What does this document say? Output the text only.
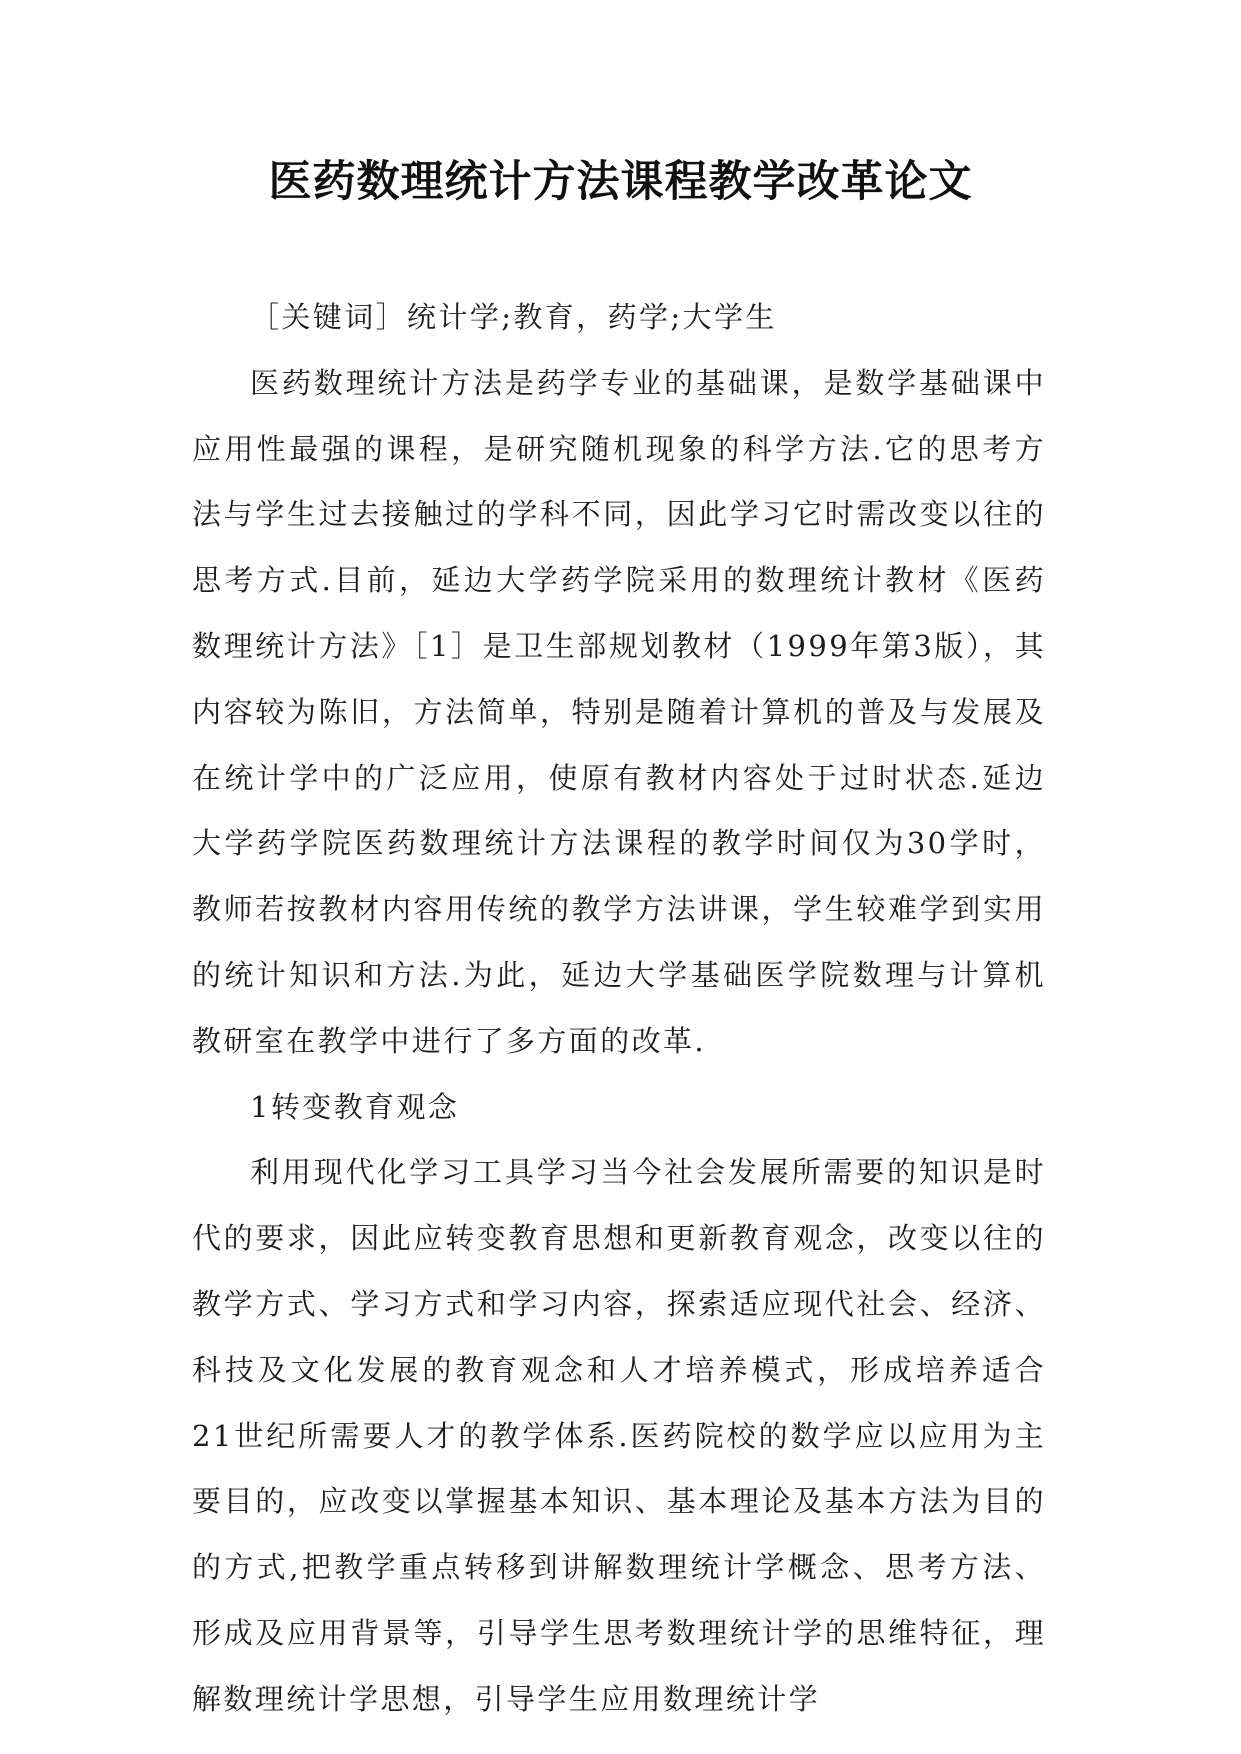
医药数理统计方法课程教学改革论文

［关键词］统计学;教育，药学;大学生

医药数理统计方法是药学专业的基础课，是数学基础课中应用性最强的课程，是研究随机现象的科学方法.它的思考方法与学生过去接触过的学科不同，因此学习它时需改变以往的思考方式.目前，延边大学药学院采用的数理统计教材《医药数理统计方法》［1］是卫生部规划教材（1999年第3版），其内容较为陈旧，方法简单，特别是随着计算机的普及与发展及在统计学中的广泛应用，使原有教材内容处于过时状态.延边大学药学院医药数理统计方法课程的教学时间仅为30学时，教师若按教材内容用传统的教学方法讲课，学生较难学到实用的统计知识和方法.为此，延边大学基础医学院数理与计算机教研室在教学中进行了多方面的改革.

1转变教育观念

利用现代化学习工具学习当今社会发展所需要的知识是时代的要求，因此应转变教育思想和更新教育观念，改变以往的教学方式、学习方式和学习内容，探索适应现代社会、经济、科技及文化发展的教育观念和人才培养模式，形成培养适合21世纪所需要人才的教学体系.医药院校的数学应以应用为主要目的，应改变以掌握基本知识、基本理论及基本方法为目的的方式,把教学重点转移到讲解数理统计学概念、思考方法、形成及应用背景等，引导学生思考数理统计学的思维特征，理解数理统计学思想，引导学生应用数理统计学
